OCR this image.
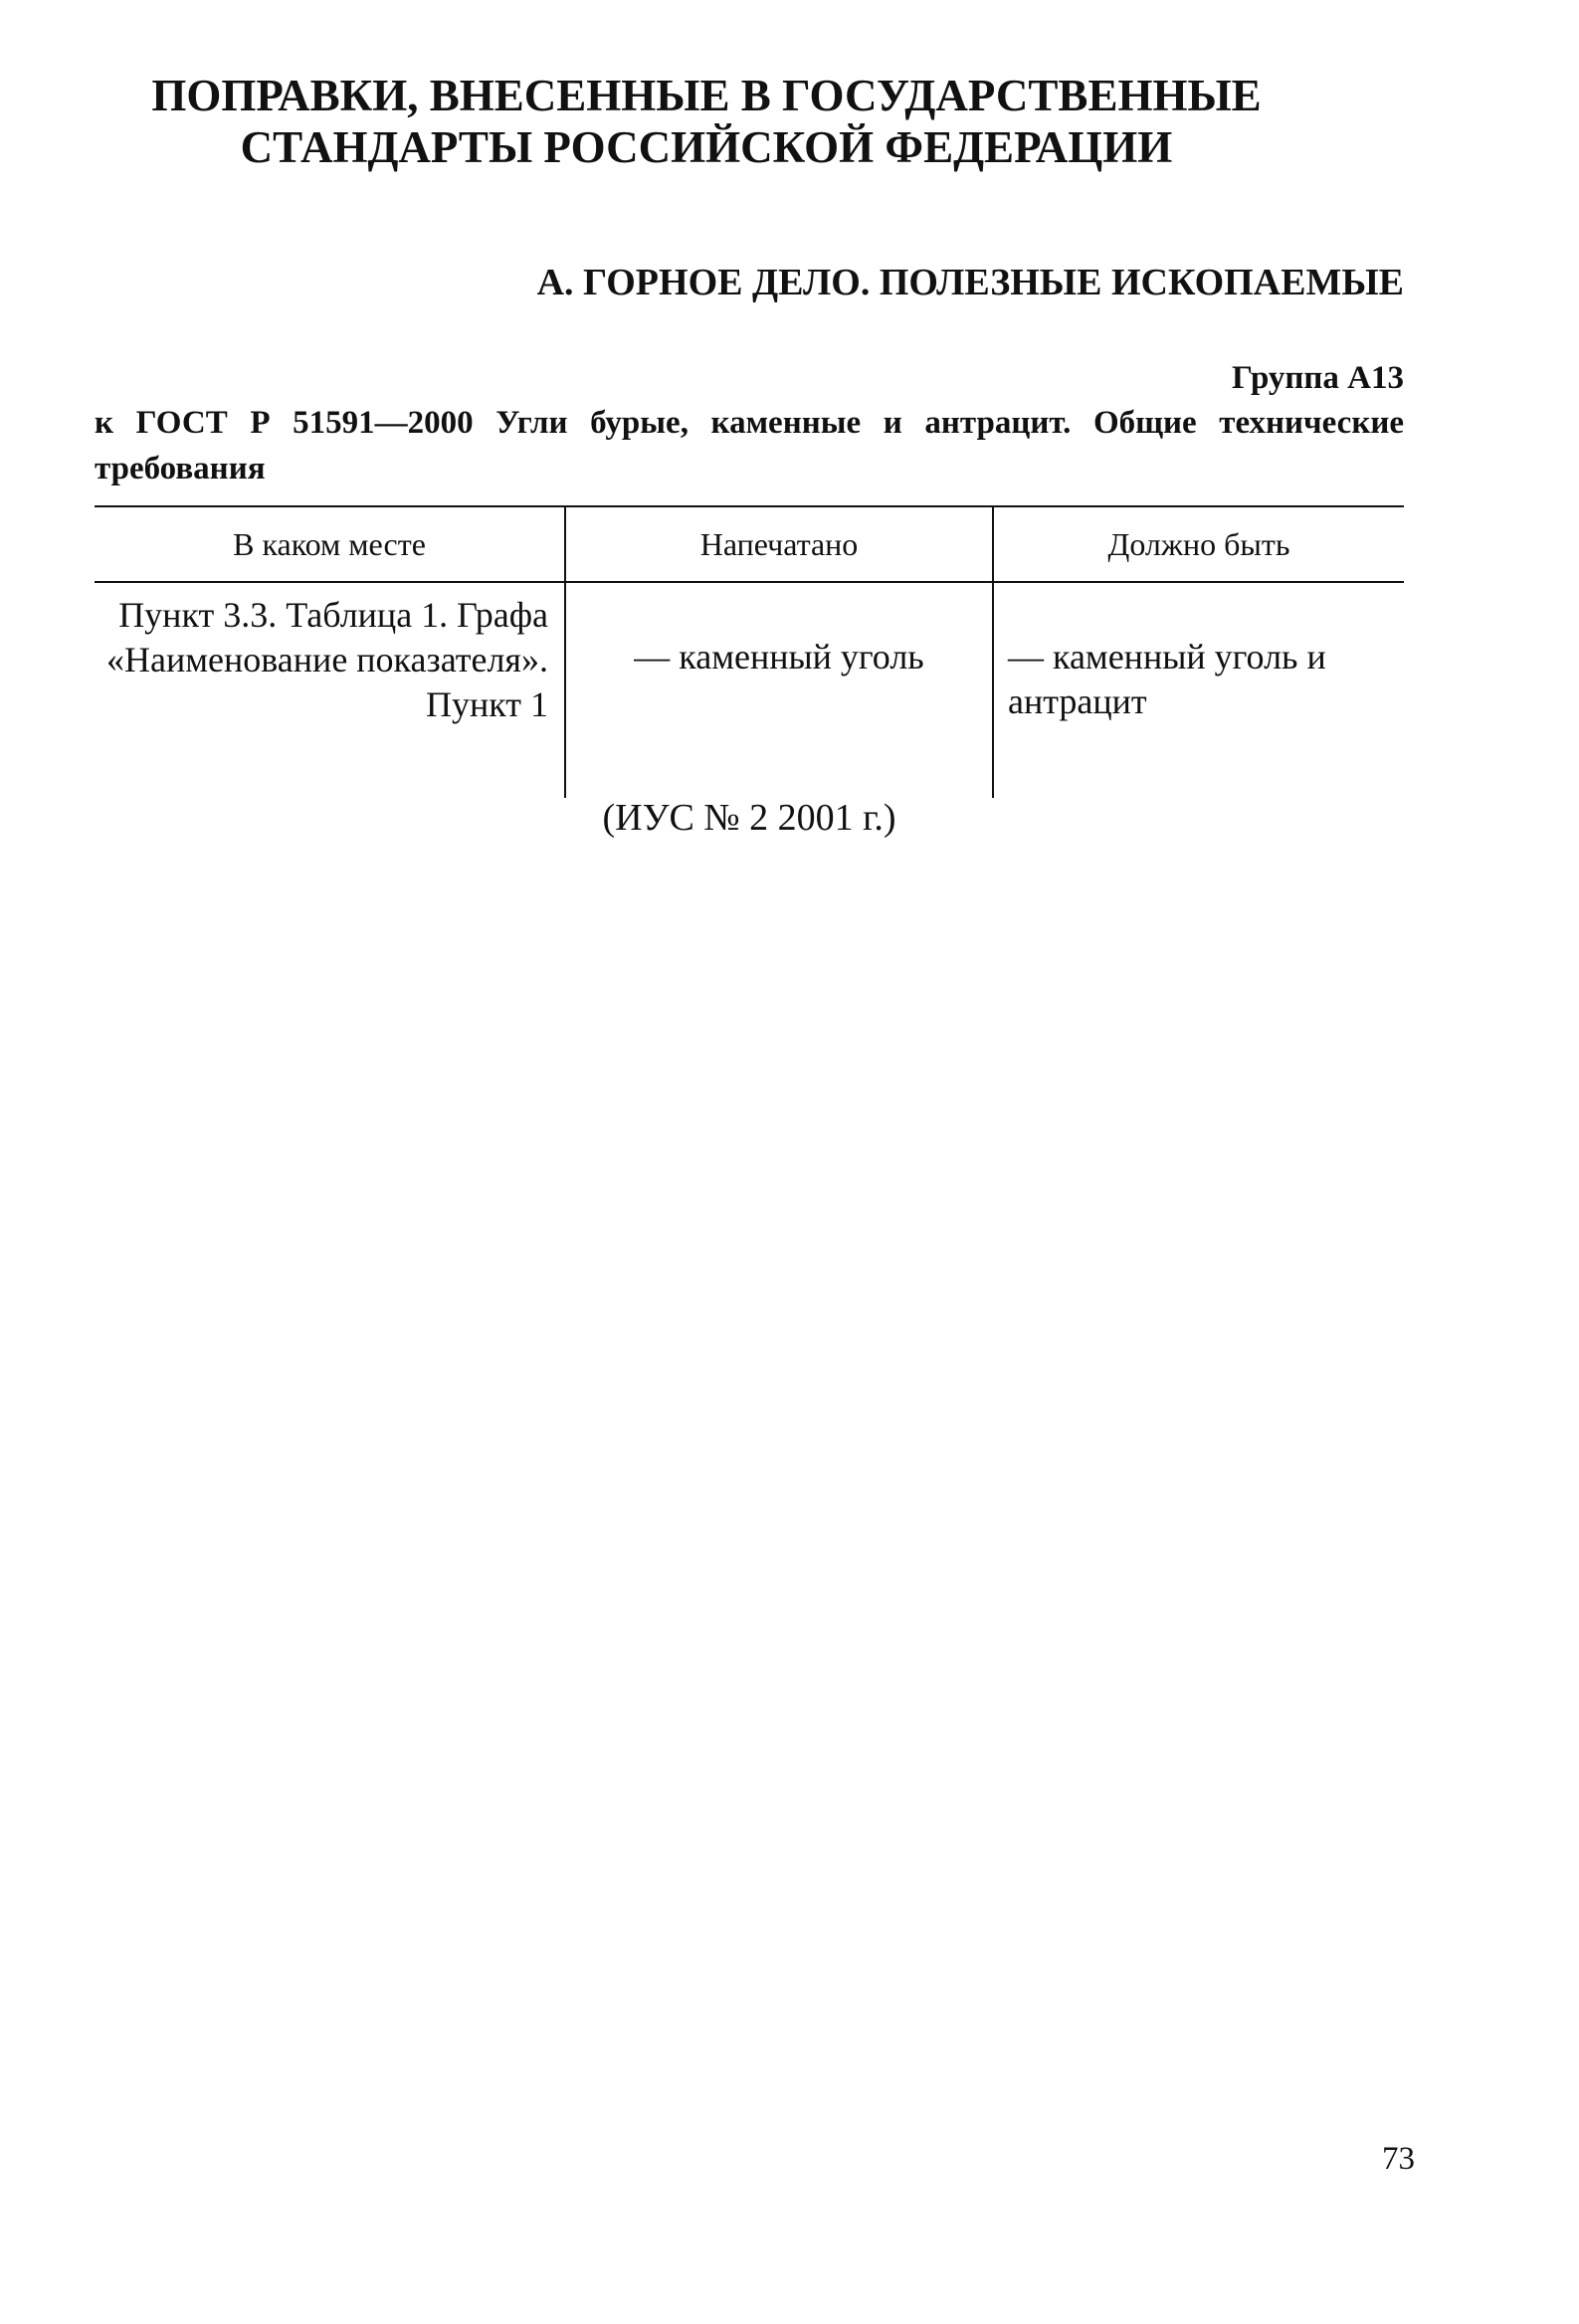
ПОПРАВКИ, ВНЕСЕННЫЕ В ГОСУДАРСТВЕННЫЕ
СТАНДАРТЫ РОССИЙСКОЙ ФЕДЕРАЦИИ
А. ГОРНОЕ ДЕЛО. ПОЛЕЗНЫЕ ИСКОПАЕМЫЕ
Группа А13
к ГОСТ Р 51591—2000 Угли бурые, каменные и антрацит. Общие технические требования
В каком месте	Напечатано	Должно быть
Пункт 3.3. Таблица 1. Графа «Наименование показателя». Пункт 1	— каменный уголь	— каменный уголь и антрацит
(ИУС № 2 2001 г.)
73
